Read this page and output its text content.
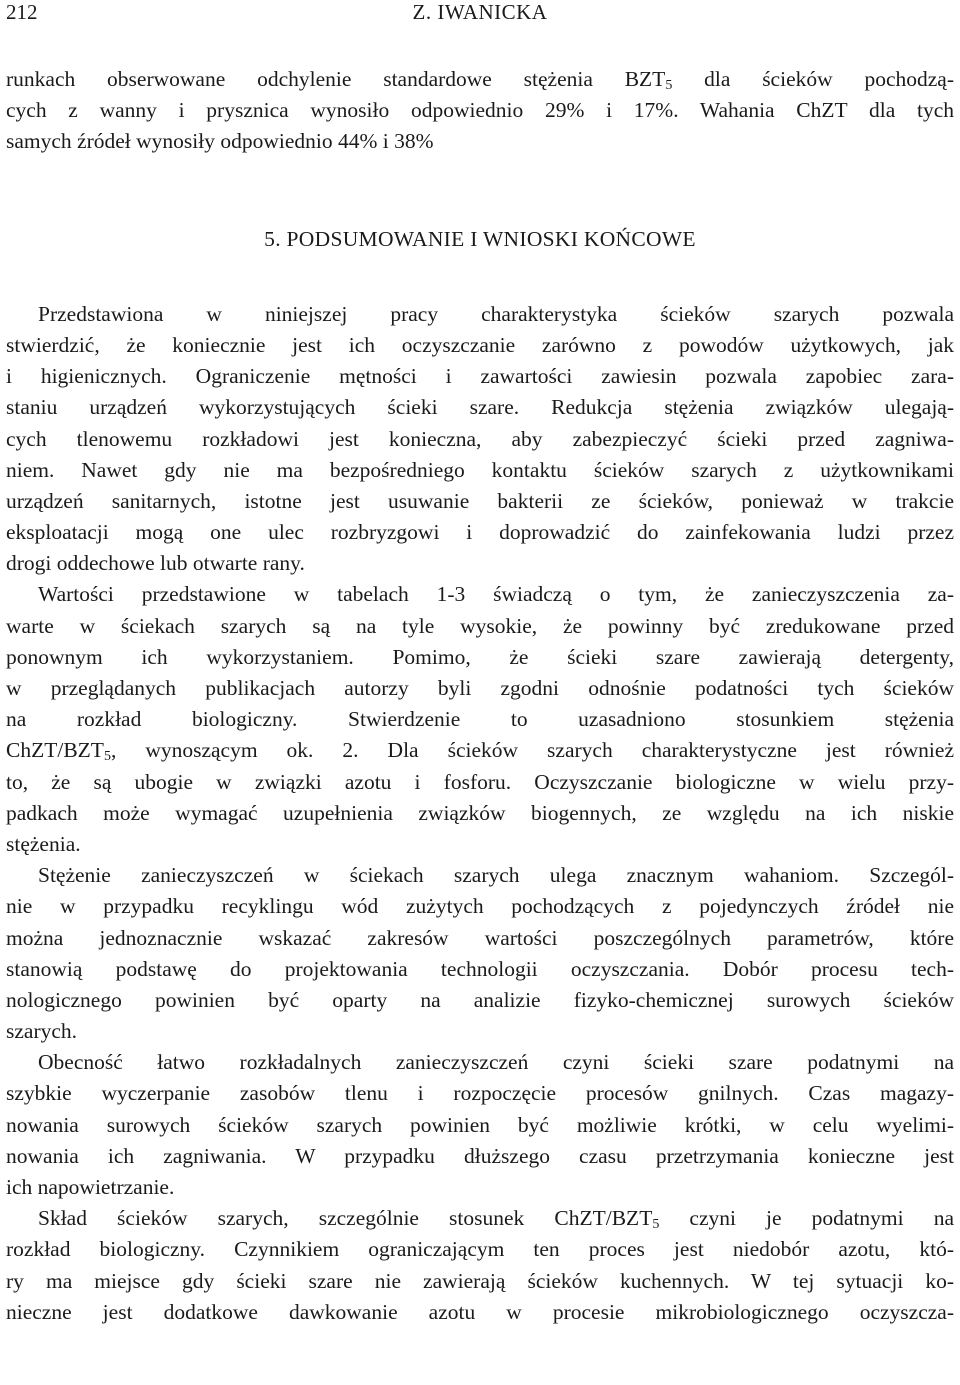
212	Z. IWANICKA
runkach obserwowane odchylenie standardowe stężenia $BZT_5$ dla ścieków pochodzą-
cych z wanny i prysznica wynosiło odpowiednio 29% i 17%. Wahania ChZT dla tych
samych źródeł wynosiły odpowiednio 44% i 38%
5. PODSUMOWANIE I WNIOSKI KOŃCOWE
Przedstawiona w niniejszej pracy charakterystyka ścieków szarych pozwala
stwierdzić, że koniecznie jest ich oczyszczanie zarówno z powodów użytkowych, jak
i higienicznych. Ograniczenie mętności i zawartości zawiesin pozwala zapobiec zara-
staniu urządzeń wykorzystujących ścieki szare. Redukcja stężenia związków ulegają-
cych tlenowemu rozkładowi jest konieczna, aby zabezpieczyć ścieki przed zagniwa-
niem. Nawet gdy nie ma bezpośredniego kontaktu ścieków szarych z użytkownikami
urządzeń sanitarnych, istotne jest usuwanie bakterii ze ścieków, ponieważ w trakcie
eksploatacji mogą one ulec rozbryzgowi i doprowadzić do zainfekowania ludzi przez
drogi oddechowe lub otwarte rany.
Wartości przedstawione w tabelach 1-3 świadczą o tym, że zanieczyszczenia za-
warte w ściekach szarych są na tyle wysokie, że powinny być zredukowane przed
ponownym ich wykorzystaniem. Pomimo, że ścieki szare zawierają detergenty,
w przeglądanych publikacjach autorzy byli zgodni odnośnie podatności tych ścieków
na rozkład biologiczny. Stwierdzenie to uzasadniono stosunkiem stężenia
ChZT/$BZT_5$, wynoszącym ok. 2. Dla ścieków szarych charakterystyczne jest również
to, że są ubogie w związki azotu i fosforu. Oczyszczanie biologiczne w wielu przy-
padkach może wymagać uzupełnienia związków biogennych, ze względu na ich niskie
stężenia.
Stężenie zanieczyszczeń w ściekach szarych ulega znacznym wahaniom. Szczegól-
nie w przypadku recyklingu wód zużytych pochodzących z pojedynczych źródeł nie
można jednoznacznie wskazać zakresów wartości poszczególnych parametrów, które
stanowią podstawę do projektowania technologii oczyszczania. Dobór procesu tech-
nologicznego powinien być oparty na analizie fizyko-chemicznej surowych ścieków
szarych.
Obecność łatwo rozkładalnych zanieczyszczeń czyni ścieki szare podatnymi na
szybkie wyczerpanie zasobów tlenu i rozpoczęcie procesów gnilnych. Czas magazy-
nowania surowych ścieków szarych powinien być możliwie krótki, w celu wyelimi-
nowania ich zagniwania. W przypadku dłuższego czasu przetrzymania konieczne jest
ich napowietrzanie.
Skład ścieków szarych, szczególnie stosunek ChZT/$BZT_5$ czyni je podatnymi na
rozkład biologiczny. Czynnikiem ograniczającym ten proces jest niedobór azotu, któ-
ry ma miejsce gdy ścieki szare nie zawierają ścieków kuchennych. W tej sytuacji ko-
nieczne jest dodatkowe dawkowanie azotu w procesie mikrobiologicznego oczyszcza-
